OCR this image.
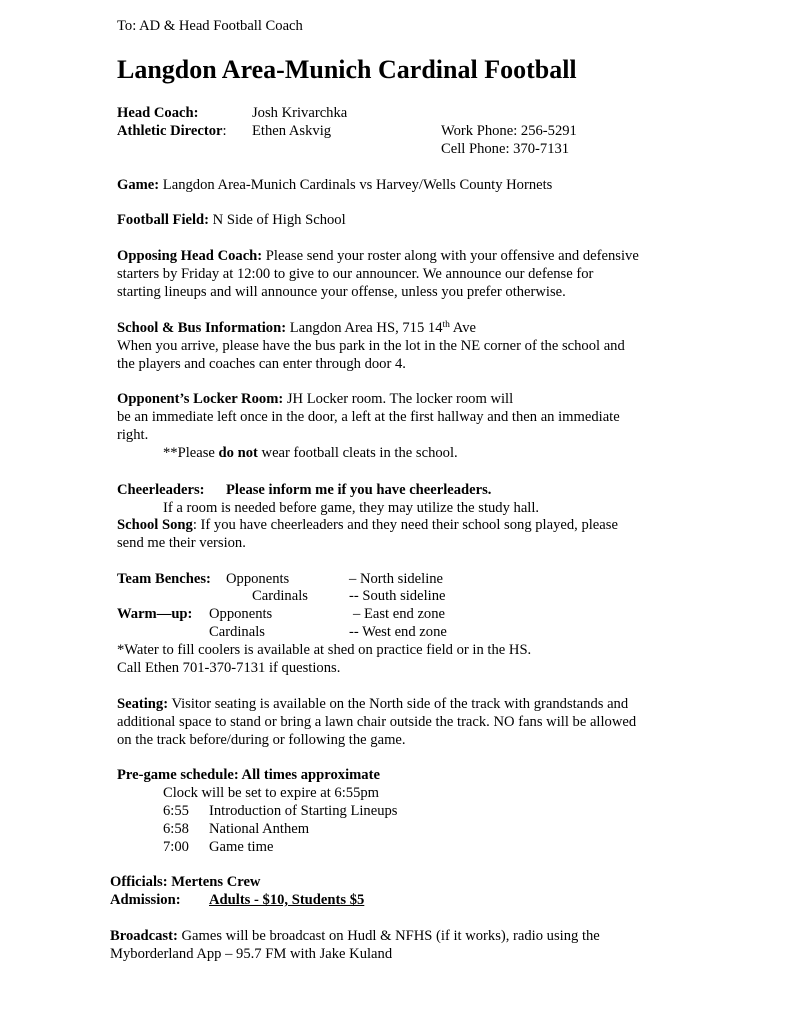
To: AD & Head Football Coach
Langdon Area-Munich Cardinal Football
Head Coach:	Josh Krivarchka
Athletic Director: Ethen Askvig	Work Phone: 256-5291
Cell Phone: 370-7131
Game: Langdon Area-Munich Cardinals vs Harvey/Wells County Hornets
Football Field: N Side of High School
Opposing Head Coach: Please send your roster along with your offensive and defensive
starters by Friday at 12:00 to give to our announcer. We announce our defense for
starting lineups and will announce your offense, unless you prefer otherwise.
School & Bus Information: Langdon Area HS, 715 14th Ave
When you arrive, please have the bus park in the lot in the NE corner of the school and
the players and coaches can enter through door 4.
Opponent’s Locker Room: JH Locker room. The locker room will
be an immediate left once in the door, a left at the first hallway and then an immediate
right.
**Please do not wear football cleats in the school.
Cheerleaders: Please inform me if you have cheerleaders.
If a room is needed before game, they may utilize the study hall.
School Song: If you have cheerleaders and they need their school song played, please
send me their version.
Team Benches: Opponents	– North sideline
Cardinals	-- South sideline
Warm—up: Opponents	– East end zone
Cardinals	-- West end zone
*Water to fill coolers is available at shed on practice field or in the HS.
Call Ethen 701-370-7131 if questions.
Seating: Visitor seating is available on the North side of the track with grandstands and
additional space to stand or bring a lawn chair outside the track. NO fans will be allowed
on the track before/during or following the game.
Pre-game schedule: All times approximate
Clock will be set to expire at 6:55pm
6:55 Introduction of Starting Lineups
6:58 National Anthem
7:00 Game time
Officials: Mertens Crew
Admission: Adults - $10, Students $5
Broadcast: Games will be broadcast on Hudl & NFHS (if it works), radio using the
Myborderland App – 95.7 FM with Jake Kuland
